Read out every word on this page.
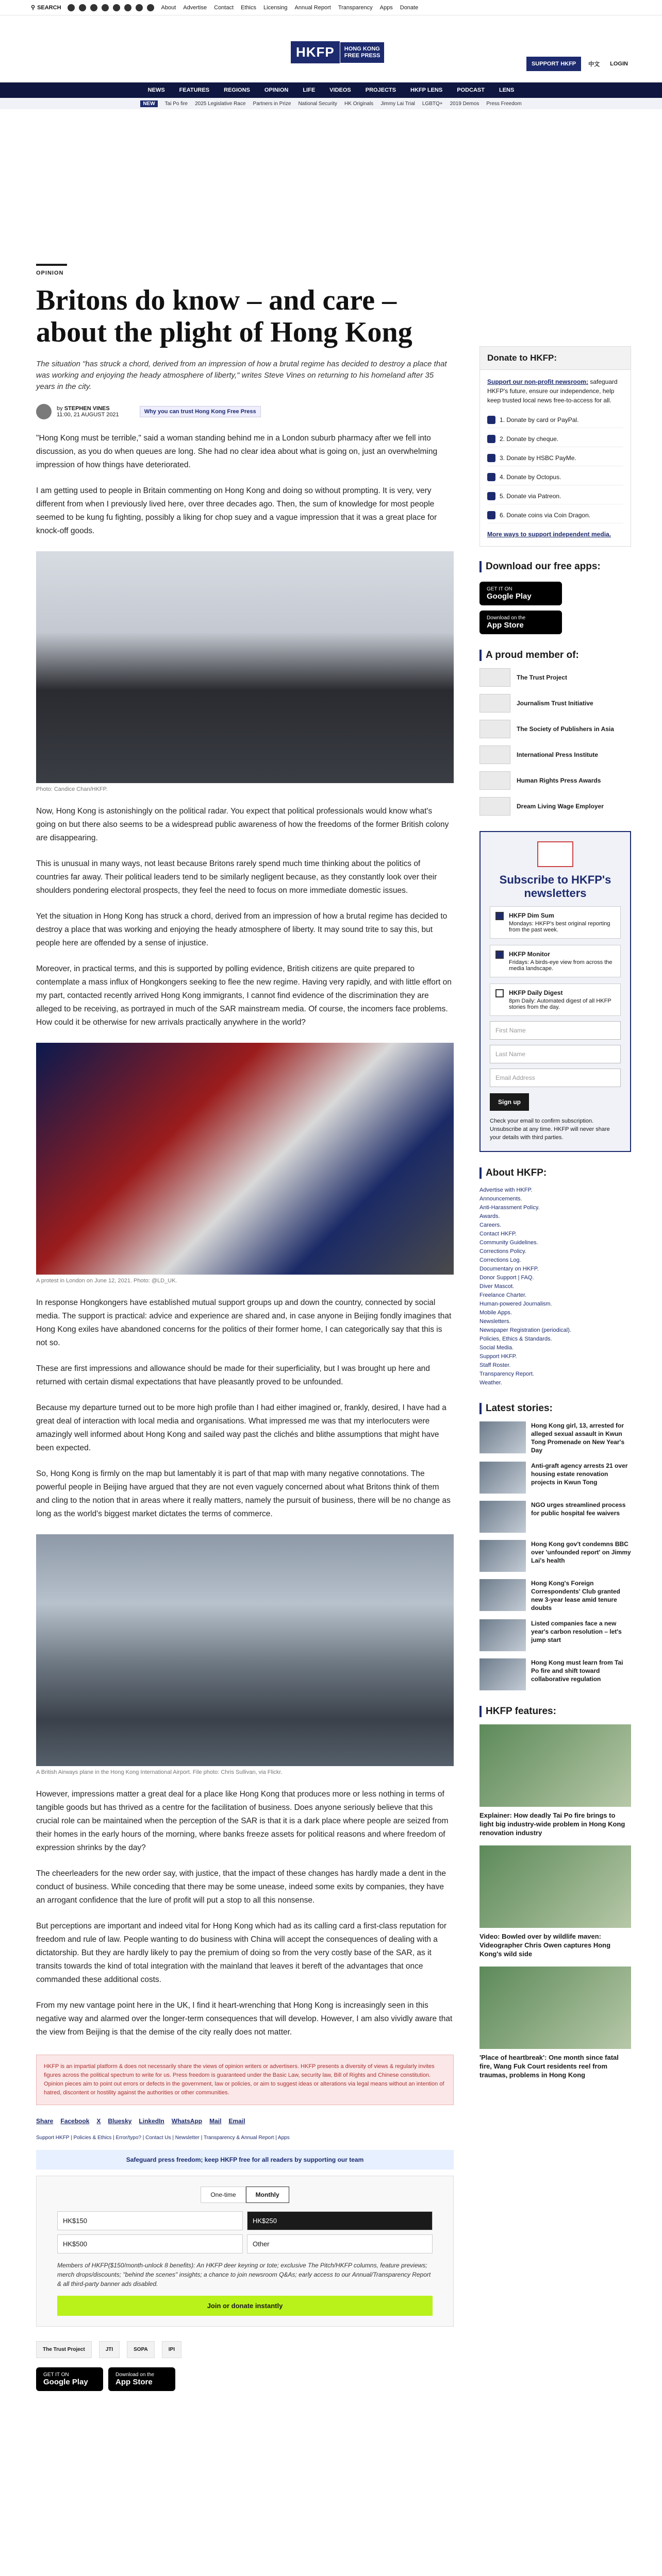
⚲ SEARCH	About Advertise Contact Ethics Licensing Annual Report Transparency Apps Donate
HKFP	HONG KONG
FREE PRESS
SUPPORT HKFP	中文	LOGIN
NEWS	FEATURES	REGIONS	OPINION	LIFE	VIDEOS	PROJECTS	HKFP LENS	PODCAST	LENS
NEW	Tai Po fire 2025 Legislative Race Partners in Prize National Security HK Originals Jimmy Lai Trial LGBTQ+ 2019 Demos Press Freedom
OPINION
Britons do know – and care – about the plight of Hong Kong

The situation "has struck a chord, derived from an impression of how a brutal regime has decided to destroy a place that was working and enjoying the heady atmosphere of liberty," writes Steve Vines on returning to his homeland after 35 years in the city.

by STEPHEN VINES
11:00, 21 AUGUST 2021	Why you can trust Hong Kong Free Press

"Hong Kong must be terrible," said a woman standing behind me in a London suburb pharmacy after we fell into discussion, as you do when queues are long. She had no clear idea about what is going on, just an overwhelming impression of how things have deteriorated.

I am getting used to people in Britain commenting on Hong Kong and doing so without prompting. It is very, very different from when I previously lived here, over three decades ago. Then, the sum of knowledge for most people seemed to be kung fu fighting, possibly a liking for chop suey and a vague impression that it was a great place for knock-off goods.

Photo: Candice Chan/HKFP.

Now, Hong Kong is astonishingly on the political radar. You expect that political professionals would know what's going on but there also seems to be a widespread public awareness of how the freedoms of the former British colony are disappearing.

This is unusual in many ways, not least because Britons rarely spend much time thinking about the politics of countries far away. Their political leaders tend to be similarly negligent because, as they constantly look over their shoulders pondering electoral prospects, they feel the need to focus on more immediate domestic issues.

Yet the situation in Hong Kong has struck a chord, derived from an impression of how a brutal regime has decided to destroy a place that was working and enjoying the heady atmosphere of liberty. It may sound trite to say this, but people here are offended by a sense of injustice.

Moreover, in practical terms, and this is supported by polling evidence, British citizens are quite prepared to contemplate a mass influx of Hongkongers seeking to flee the new regime. Having very rapidly, and with little effort on my part, contacted recently arrived Hong Kong immigrants, I cannot find evidence of the discrimination they are alleged to be receiving, as portrayed in much of the SAR mainstream media. Of course, the incomers face problems. How could it be otherwise for new arrivals practically anywhere in the world?

A protest in London on June 12, 2021. Photo: @LD_UK.

In response Hongkongers have established mutual support groups up and down the country, connected by social media. The support is practical: advice and experience are shared and, in case anyone in Beijing fondly imagines that Hong Kong exiles have abandoned concerns for the politics of their former home, I can categorically say that this is not so.

These are first impressions and allowance should be made for their superficiality, but I was brought up here and returned with certain dismal expectations that have pleasantly proved to be unfounded.

Because my departure turned out to be more high profile than I had either imagined or, frankly, desired, I have had a great deal of interaction with local media and organisations. What impressed me was that my interlocuters were amazingly well informed about Hong Kong and sailed way past the clichés and blithe assumptions that might have been expected.

So, Hong Kong is firmly on the map but lamentably it is part of that map with many negative connotations. The powerful people in Beijing have argued that they are not even vaguely concerned about what Britons think of them and cling to the notion that in areas where it really matters, namely the pursuit of business, there will be no change as long as the world's biggest market dictates the terms of commerce.

A British Airways plane in the Hong Kong International Airport. File photo: Chris Sullivan, via Flickr.

However, impressions matter a great deal for a place like Hong Kong that produces more or less nothing in terms of tangible goods but has thrived as a centre for the facilitation of business. Does anyone seriously believe that this crucial role can be maintained when the perception of the SAR is that it is a dark place where people are seized from their homes in the early hours of the morning, where banks freeze assets for political reasons and where freedom of expression shrinks by the day?

The cheerleaders for the new order say, with justice, that the impact of these changes has hardly made a dent in the conduct of business. While conceding that there may be some unease, indeed some exits by companies, they have an arrogant confidence that the lure of profit will put a stop to all this nonsense.

But perceptions are important and indeed vital for Hong Kong which had as its calling card a first-class reputation for freedom and rule of law. People wanting to do business with China will accept the consequences of dealing with a dictatorship. But they are hardly likely to pay the premium of doing so from the very costly base of the SAR, as it transits towards the kind of total integration with the mainland that leaves it bereft of the advantages that once commanded these additional costs.

From my new vantage point here in the UK, I find it heart-wrenching that Hong Kong is increasingly seen in this negative way and alarmed over the longer-term consequences that will develop. However, I am also vividly aware that the view from Beijing is that the demise of the city really does not matter.

HKFP is an impartial platform & does not necessarily share the views of opinion writers or advertisers. HKFP presents a diversity of views & regularly invites figures across the political spectrum to write for us. Press freedom is guaranteed under the Basic Law, security law, Bill of Rights and Chinese constitution. Opinion pieces aim to point out errors or defects in the government, law or policies, or aim to suggest ideas or alterations via legal means without an intention of hatred, discontent or hostility against the authorities or other communities.
Share Facebook X Bluesky LinkedIn WhatsApp Mail Email
Support HKFP | Policies & Ethics | Error/typo? | Contact Us | Newsletter | Transparency & Annual Report | Apps
Safeguard press freedom; keep HKFP free for all readers by supporting our team
One-time	Monthly
HK$150	HK$250
HK$500	Other
Members of HKFP($150/month-unlock 8 benefits): An HKFP deer keyring or tote; exclusive The Pitch/HKFP columns, feature previews; merch drops/discounts; "behind the scenes" insights; a chance to join newsroom Q&As; early access to our Annual/Transparency Report & all third-party banner ads disabled.
Join or donate instantly
The Trust Project	JTI	SOPA	IPI
GET IT ON
Google Play
Download on the
App Store
Donate to HKFP:
Support our non-profit newsroom: safeguard HKFP's future, ensure our independence, help keep trusted local news free-to-access for all.
1. Donate by card or PayPal.
2. Donate by cheque.
3. Donate by HSBC PayMe.
4. Donate by Octopus.
5. Donate via Patreon.
6. Donate coins via Coin Dragon.
More ways to support independent media.
Download our free apps:
GET IT ON
Google Play
Download on the
App Store
A proud member of:
The Trust Project
Journalism Trust Initiative
The Society of Publishers in Asia
International Press Institute
Human Rights Press Awards
Dream Living Wage Employer
Subscribe to HKFP's newsletters
HKFP Dim Sum
Mondays: HKFP's best original reporting from the past week.
HKFP Monitor
Fridays: A birds-eye view from across the media landscape.
HKFP Daily Digest
8pm Daily: Automated digest of all HKFP stories from the day.
First Name
Last Name
Email Address
Sign up
Check your email to confirm subscription. Unsubscribe at any time. HKFP will never share your details with third parties.
About HKFP:
Advertise with HKFP.
Announcements.
Anti-Harassment Policy.
Awards.
Careers.
Contact HKFP.
Community Guidelines.
Corrections Policy.
Corrections Log.
Documentary on HKFP.
Donor Support | FAQ.
Diver Mascot.
Freelance Charter.
Human-powered Journalism.
Mobile Apps.
Newsletters.
Newspaper Registration (periodical).
Policies, Ethics & Standards.
Social Media.
Support HKFP.
Staff Roster.
Transparency Report.
Weather.
Latest stories:
Hong Kong girl, 13, arrested for alleged sexual assault in Kwun Tong Promenade on New Year's Day
Anti-graft agency arrests 21 over housing estate renovation projects in Kwun Tong
NGO urges streamlined process for public hospital fee waivers
Hong Kong gov't condemns BBC over 'unfounded report' on Jimmy Lai's health
Hong Kong's Foreign Correspondents' Club granted new 3-year lease amid tenure doubts
Listed companies face a new year's carbon resolution – let's jump start
Hong Kong must learn from Tai Po fire and shift toward collaborative regulation
HKFP features:
Explainer: How deadly Tai Po fire brings to light big industry-wide problem in Hong Kong renovation industry
Video: Bowled over by wildlife maven: Videographer Chris Owen captures Hong Kong's wild side
'Place of heartbreak': One month since fatal fire, Wang Fuk Court residents reel from traumas, problems in Hong Kong
